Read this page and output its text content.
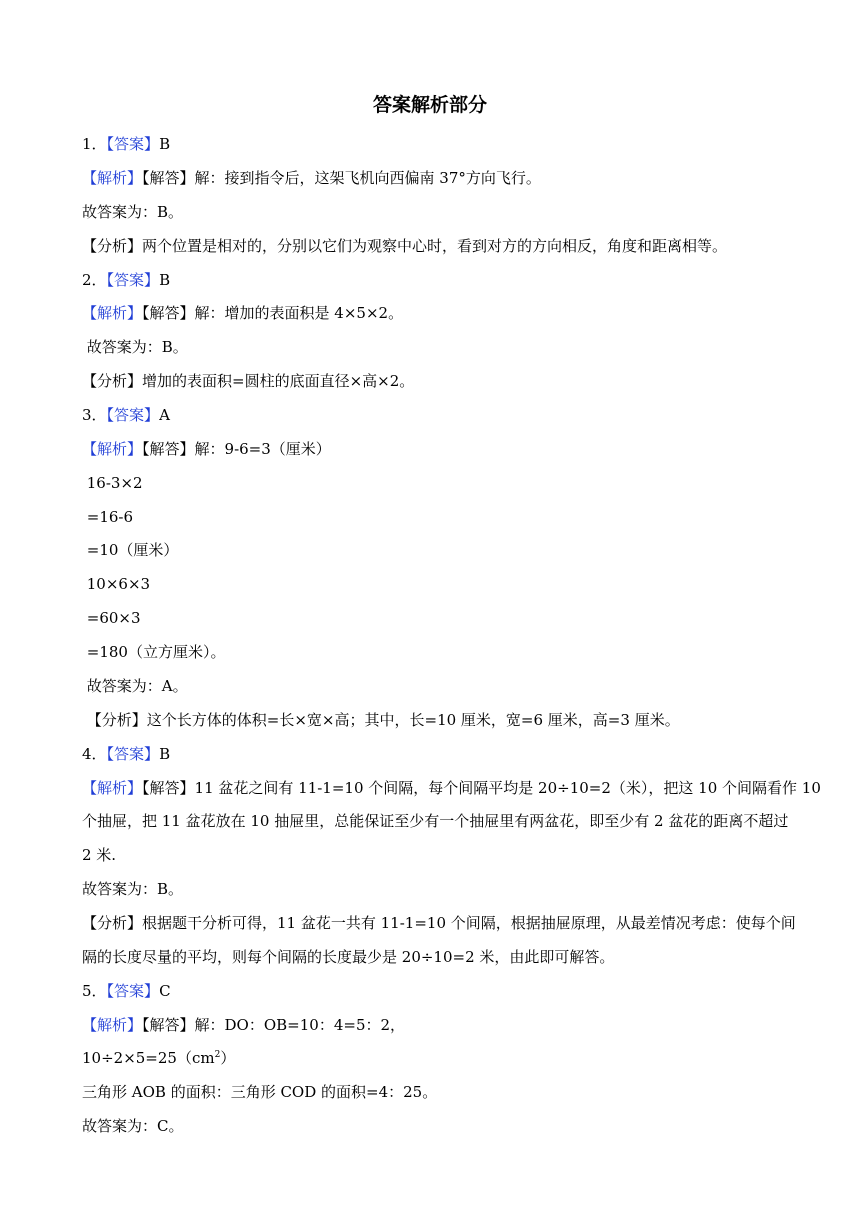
答案解析部分
1．【答案】B
【解析】【解答】解：接到指令后，这架飞机向西偏南 37°方向飞行。
故答案为：B。
【分析】两个位置是相对的，分别以它们为观察中心时，看到对方的方向相反，角度和距离相等。
2．【答案】B
【解析】【解答】解：增加的表面积是 4×5×2。
故答案为：B。
【分析】增加的表面积=圆柱的底面直径×高×2。
3．【答案】A
【解析】【解答】解：9-6=3（厘米）
16-3×2
=16-6
=10（厘米）
10×6×3
=60×3
=180（立方厘米）。
故答案为：A。
【分析】这个长方体的体积=长×宽×高；其中，长=10 厘米，宽=6 厘米，高=3 厘米。
4．【答案】B
【解析】【解答】11 盆花之间有 11-1=10 个间隔，每个间隔平均是 20÷10=2（米），把这 10 个间隔看作 10
个抽屉，把 11 盆花放在 10 抽屉里，总能保证至少有一个抽屉里有两盆花，即至少有 2 盆花的距离不超过
2 米.
故答案为：B。
【分析】根据题干分析可得，11 盆花一共有 11-1=10 个间隔，根据抽屉原理，从最差情况考虑：使每个间
隔的长度尽量的平均，则每个间隔的长度最少是 20÷10=2 米，由此即可解答。
5．【答案】C
【解析】【解答】解：DO：OB=10：4=5：2，
$10\div 2\times 5=25(cm^2)$
三角形 AOB 的面积：三角形 COD 的面积=4：25。
故答案为：C。
